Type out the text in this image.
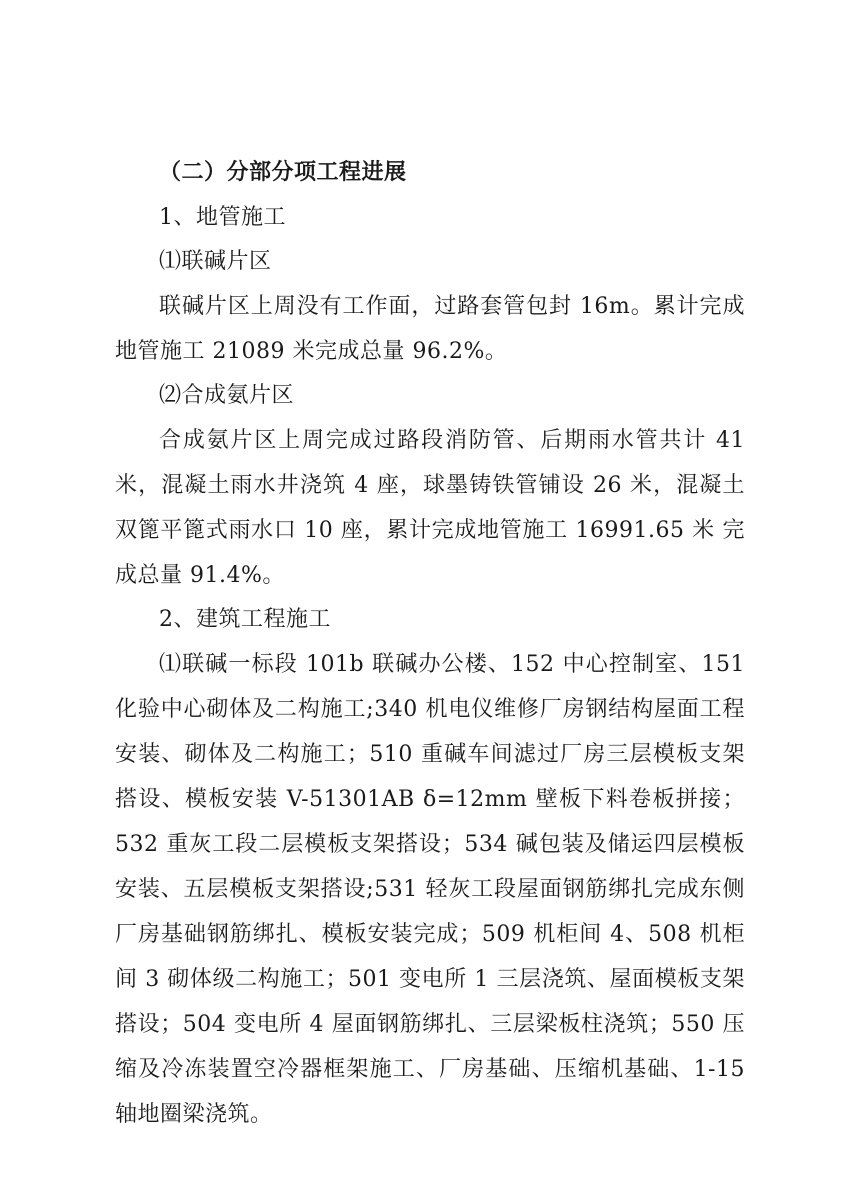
（二）分部分项工程进展
1、地管施工
⑴联碱片区

联碱片区上周没有工作面，过路套管包封 16m。累计完成地管施工 21089 米完成总量 96.2%。

⑵合成氨片区

合成氨片区上周完成过路段消防管、后期雨水管共计 41 米，混凝土雨水井浇筑 4 座，球墨铸铁管铺设 26 米，混凝土双篦平篦式雨水口 10 座，累计完成地管施工 16991.65 米 完成总量 91.4%。

2、建筑工程施工

⑴联碱一标段 101b 联碱办公楼、152 中心控制室、151 化验中心砌体及二构施工;340 机电仪维修厂房钢结构屋面工程安装、砌体及二构施工；510 重碱车间滤过厂房三层模板支架搭设、模板安装 V-51301AB δ=12mm 壁板下料卷板拼接；532 重灰工段二层模板支架搭设；534 碱包装及储运四层模板安装、五层模板支架搭设;531 轻灰工段屋面钢筋绑扎完成东侧厂房基础钢筋绑扎、模板安装完成；509 机柜间 4、508 机柜间 3 砌体级二构施工；501 变电所 1 三层浇筑、屋面模板支架搭设；504 变电所 4 屋面钢筋绑扎、三层梁板柱浇筑；550 压缩及冷冻装置空冷器框架施工、厂房基础、压缩机基础、1-15 轴地圈梁浇筑。
